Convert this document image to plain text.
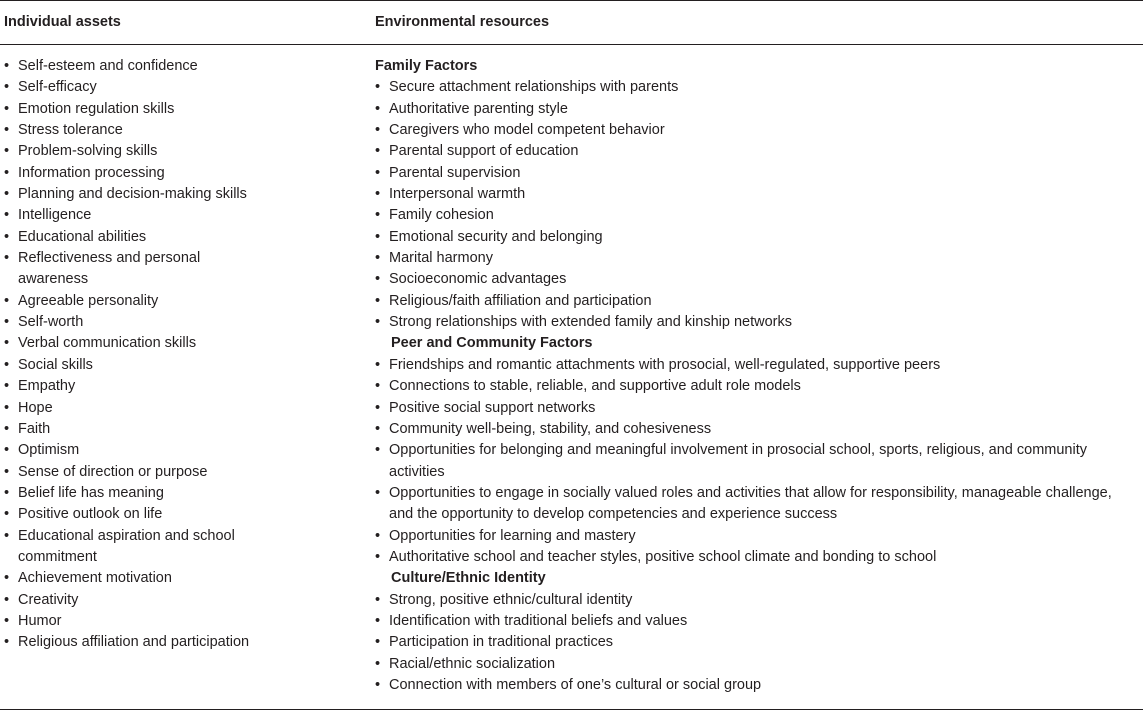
Individual assets	Environmental resources
• Self-esteem and confidence
• Self-efficacy
• Emotion regulation skills
• Stress tolerance
• Problem-solving skills
• Information processing
• Planning and decision-making skills
• Intelligence
• Educational abilities
• Reflectiveness and personal
awareness
• Agreeable personality
• Self-worth
• Verbal communication skills
• Social skills
• Empathy
• Hope
• Faith
• Optimism
• Sense of direction or purpose
• Belief life has meaning
• Positive outlook on life
• Educational aspiration and school
commitment
• Achievement motivation
• Creativity
• Humor
• Religious affiliation and participation
Family Factors
• Secure attachment relationships with parents
• Authoritative parenting style
• Caregivers who model competent behavior
• Parental support of education
• Parental supervision
• Interpersonal warmth
• Family cohesion
• Emotional security and belonging
• Marital harmony
• Socioeconomic advantages
• Religious/faith affiliation and participation
• Strong relationships with extended family and kinship networks
Peer and Community Factors
• Friendships and romantic attachments with prosocial, well-regulated, supportive peers
• Connections to stable, reliable, and supportive adult role models
• Positive social support networks
• Community well-being, stability, and cohesiveness
• Opportunities for belonging and meaningful involvement in prosocial school, sports, religious, and community
activities
• Opportunities to engage in socially valued roles and activities that allow for responsibility, manageable challenge,
and the opportunity to develop competencies and experience success
• Opportunities for learning and mastery
• Authoritative school and teacher styles, positive school climate and bonding to school
Culture/Ethnic Identity
• Strong, positive ethnic/cultural identity
• Identification with traditional beliefs and values
• Participation in traditional practices
• Racial/ethnic socialization
• Connection with members of one’s cultural or social group
